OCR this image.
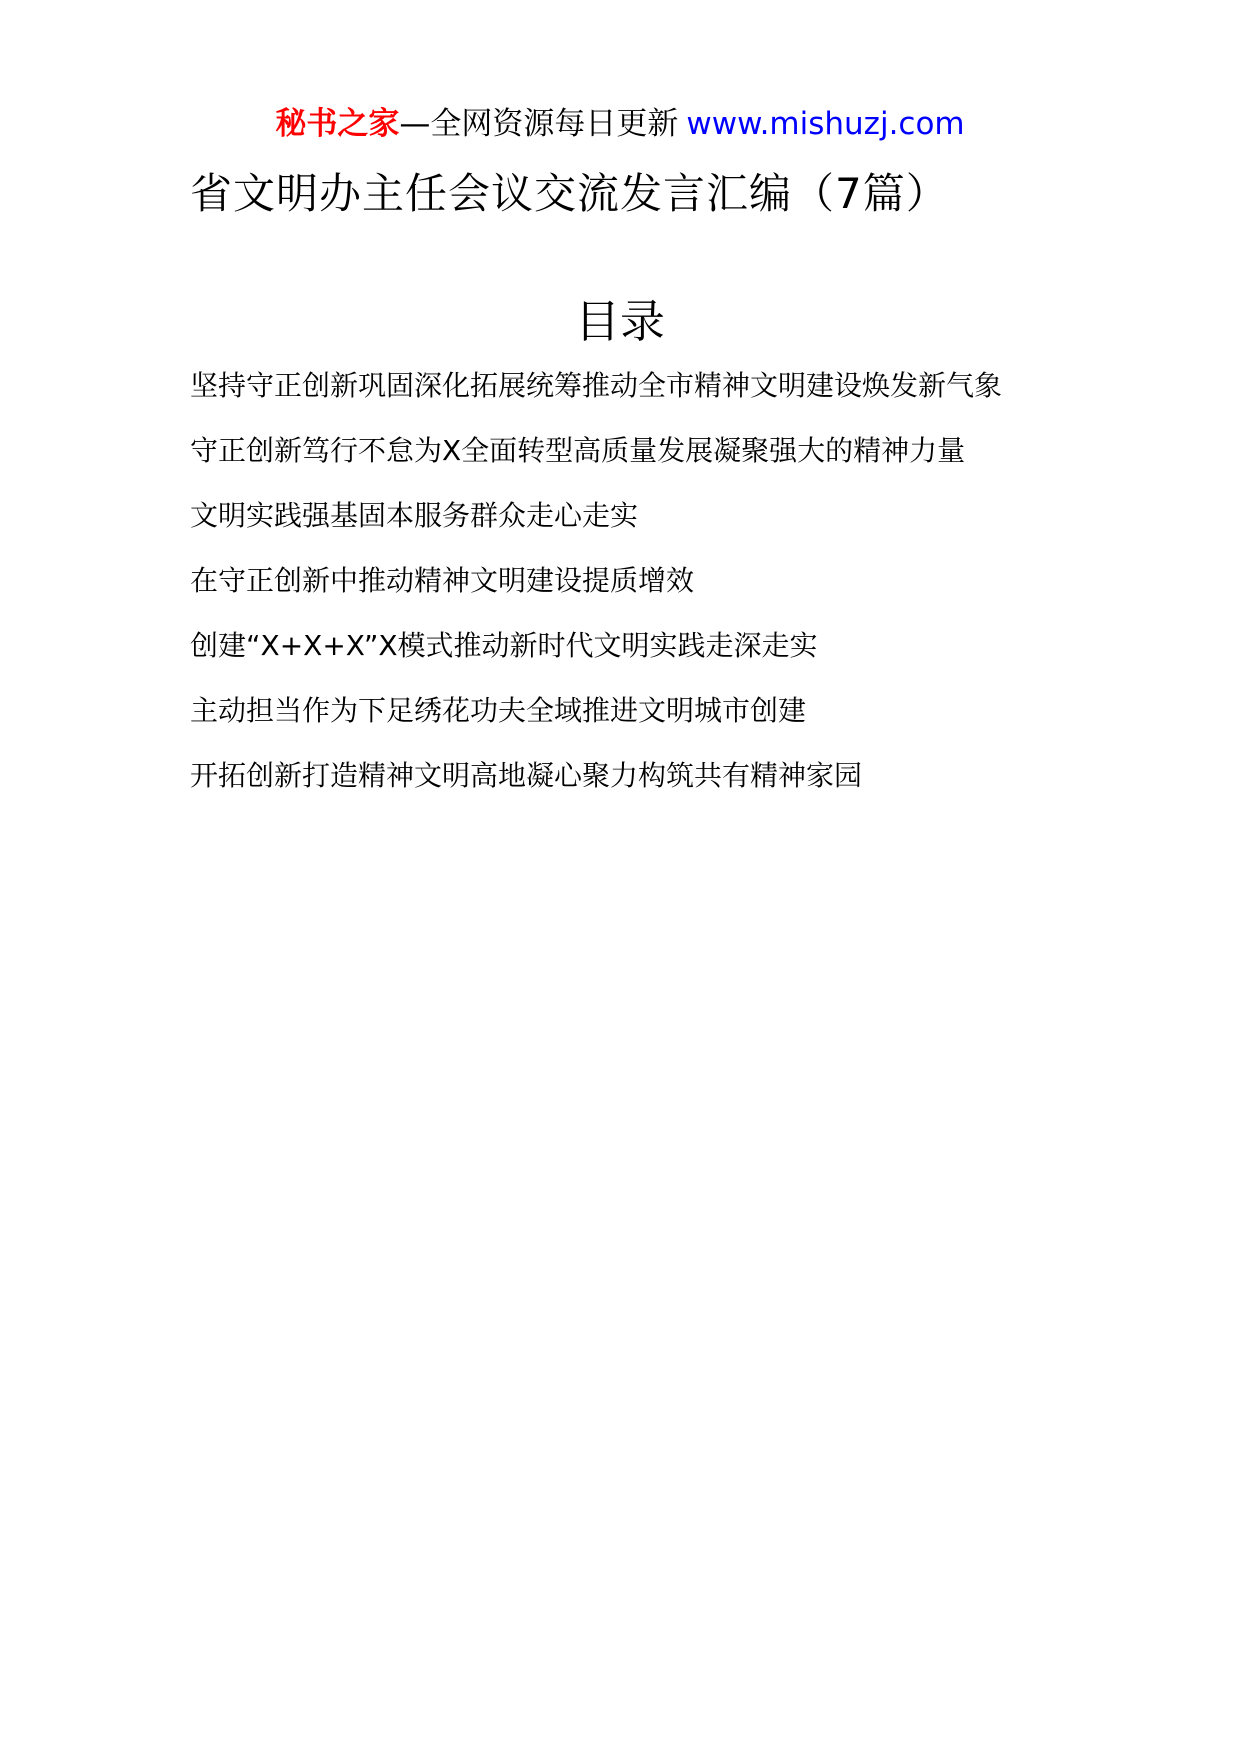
秘书之家—全网资源每日更新 www.mishuzj.com
省文明办主任会议交流发言汇编（7篇）
目录
坚持守正创新巩固深化拓展统筹推动全市精神文明建设焕发新气象
守正创新笃行不怠为X全面转型高质量发展凝聚强大的精神力量
文明实践强基固本服务群众走心走实
在守正创新中推动精神文明建设提质增效
创建“X+X+X”X模式推动新时代文明实践走深走实
主动担当作为下足绣花功夫全域推进文明城市创建
开拓创新打造精神文明高地凝心聚力构筑共有精神家园
